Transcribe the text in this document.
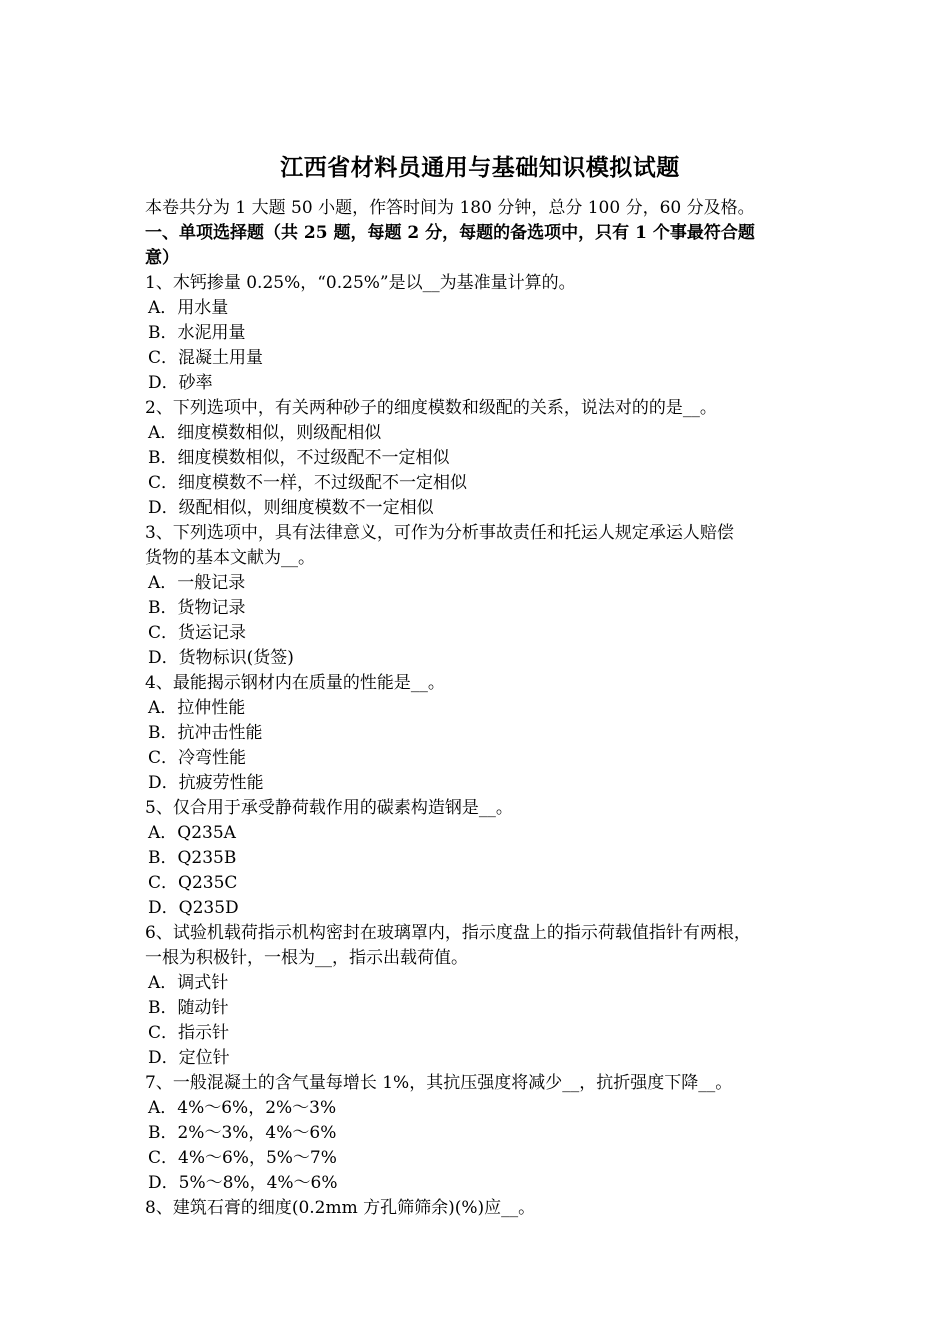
江西省材料员通用与基础知识模拟试题
本卷共分为 1 大题 50 小题，作答时间为 180 分钟，总分 100 分，60 分及格。
一、单项选择题（共 25 题，每题 2 分，每题的备选项中，只有 1 个事最符合题
意）
1、木钙掺量 0.25%，“0.25%”是以__为基准量计算的。
A．用水量
B．水泥用量
C．混凝土用量
D．砂率
2、下列选项中，有关两种砂子的细度模数和级配的关系，说法对的的是__。
A．细度模数相似，则级配相似
B．细度模数相似，不过级配不一定相似
C．细度模数不一样，不过级配不一定相似
D．级配相似，则细度模数不一定相似
3、下列选项中，具有法律意义，可作为分析事故责任和托运人规定承运人赔偿
货物的基本文献为__。
A．一般记录
B．货物记录
C．货运记录
D．货物标识(货签)
4、最能揭示钢材内在质量的性能是__。
A．拉伸性能
B．抗冲击性能
C．冷弯性能
D．抗疲劳性能
5、仅合用于承受静荷载作用的碳素构造钢是__。
A．Q235A
B．Q235B
C．Q235C
D．Q235D
6、试验机载荷指示机构密封在玻璃罩内，指示度盘上的指示荷载值指针有两根，
一根为积极针，一根为__，指示出载荷值。
A．调式针
B．随动针
C．指示针
D．定位针
7、一般混凝土的含气量每增长 1%，其抗压强度将减少__，抗折强度下降__。
A．4%～6%，2%～3%
B．2%～3%，4%～6%
C．4%～6%，5%～7%
D．5%～8%，4%～6%
8、建筑石膏的细度(0.2mm 方孔筛筛余)(%)应__。
